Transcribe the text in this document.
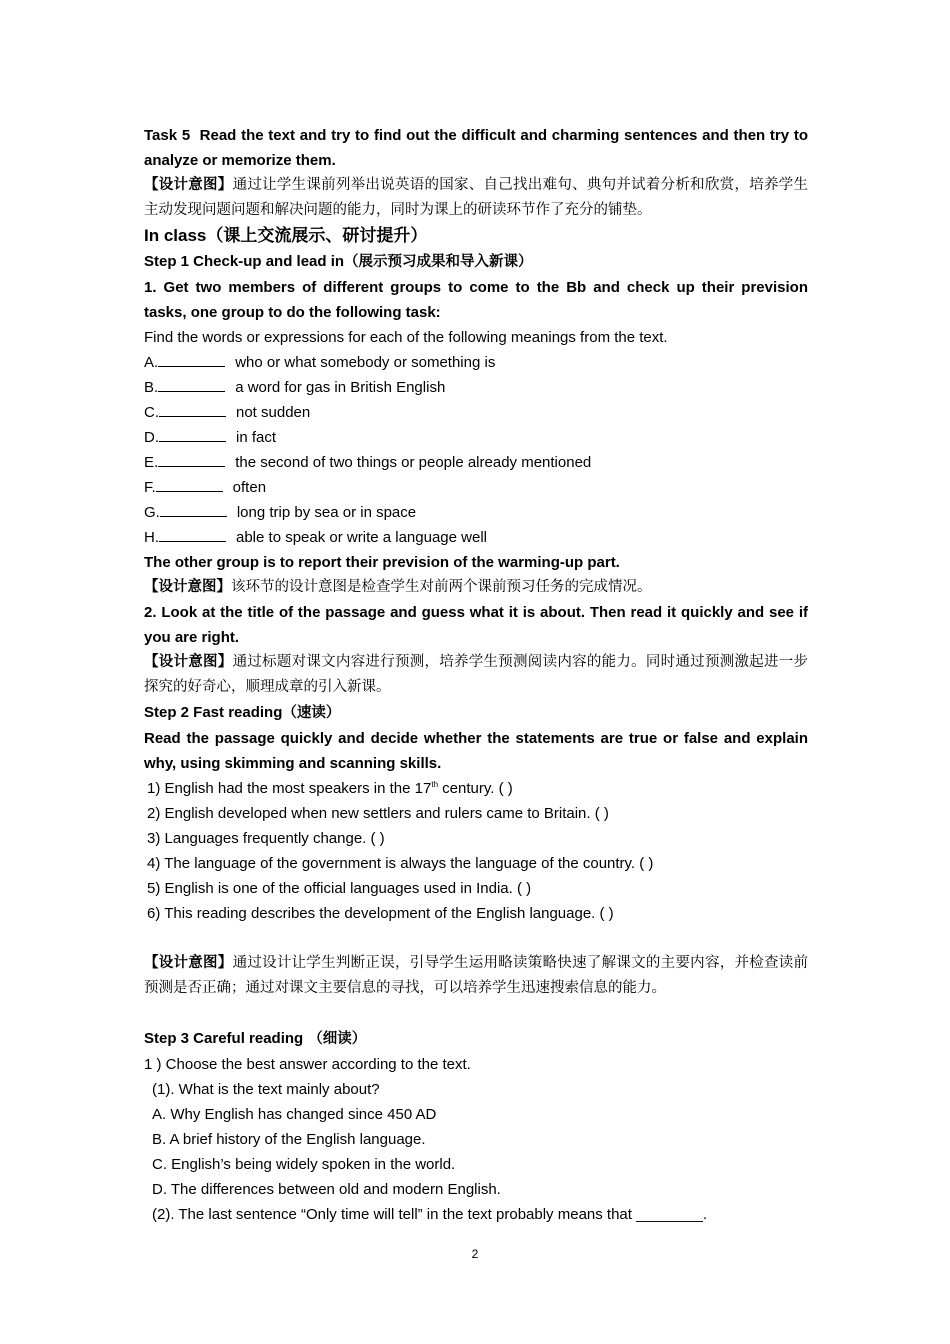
Task 5 Read the text and try to find out the difficult and charming sentences and then try to analyze or memorize them.
【设计意图】通过让学生课前列举出说英语的国家、自己找出难句、典句并试着分析和欣赏，培养学生主动发现问题问题和解决问题的能力，同时为课上的研读环节作了充分的铺垫。
In class（课上交流展示、研讨提升）
Step 1 Check-up and lead in（展示预习成果和导入新课）
1. Get two members of different groups to come to the Bb and check up their prevision tasks, one group to do the following task:
Find the words or expressions for each of the following meanings from the text.
A.	who or what somebody or something is
B.	a word for gas in British English
C.	not sudden
D.	in fact
E.	the second of two things or people already mentioned
F.	often
G.	long trip by sea or in space
H.	able to speak or write a language well
The other group is to report their prevision of the warming-up part.
【设计意图】该环节的设计意图是检查学生对前两个课前预习任务的完成情况。
2. Look at the title of the passage and guess what it is about. Then read it quickly and see if you are right.
【设计意图】通过标题对课文内容进行预测，培养学生预测阅读内容的能力。同时通过预测激起进一步探究的好奇心，顺理成章的引入新课。
Step 2 Fast reading（速读）
Read the passage quickly and decide whether the statements are true or false and explain why, using skimming and scanning skills.
1) English had the most speakers in the 17th century. ( )
2) English developed when new settlers and rulers came to Britain. ( )
3) Languages frequently change. ( )
4) The language of the government is always the language of the country. ( )
5) English is one of the official languages used in India. ( )
6) This reading describes the development of the English language. ( )
【设计意图】通过设计让学生判断正误，引导学生运用略读策略快速了解课文的主要内容，并检查读前预测是否正确；通过对课文主要信息的寻找，可以培养学生迅速搜索信息的能力。
Step 3 Careful reading （细读）
1 ) Choose the best answer according to the text.
(1). What is the text mainly about?
A. Why English has changed since 450 AD
B. A brief history of the English language.
C. English’s being widely spoken in the world.
D. The differences between old and modern English.
(2). The last sentence “Only time will tell” in the text probably means that ________.
2
